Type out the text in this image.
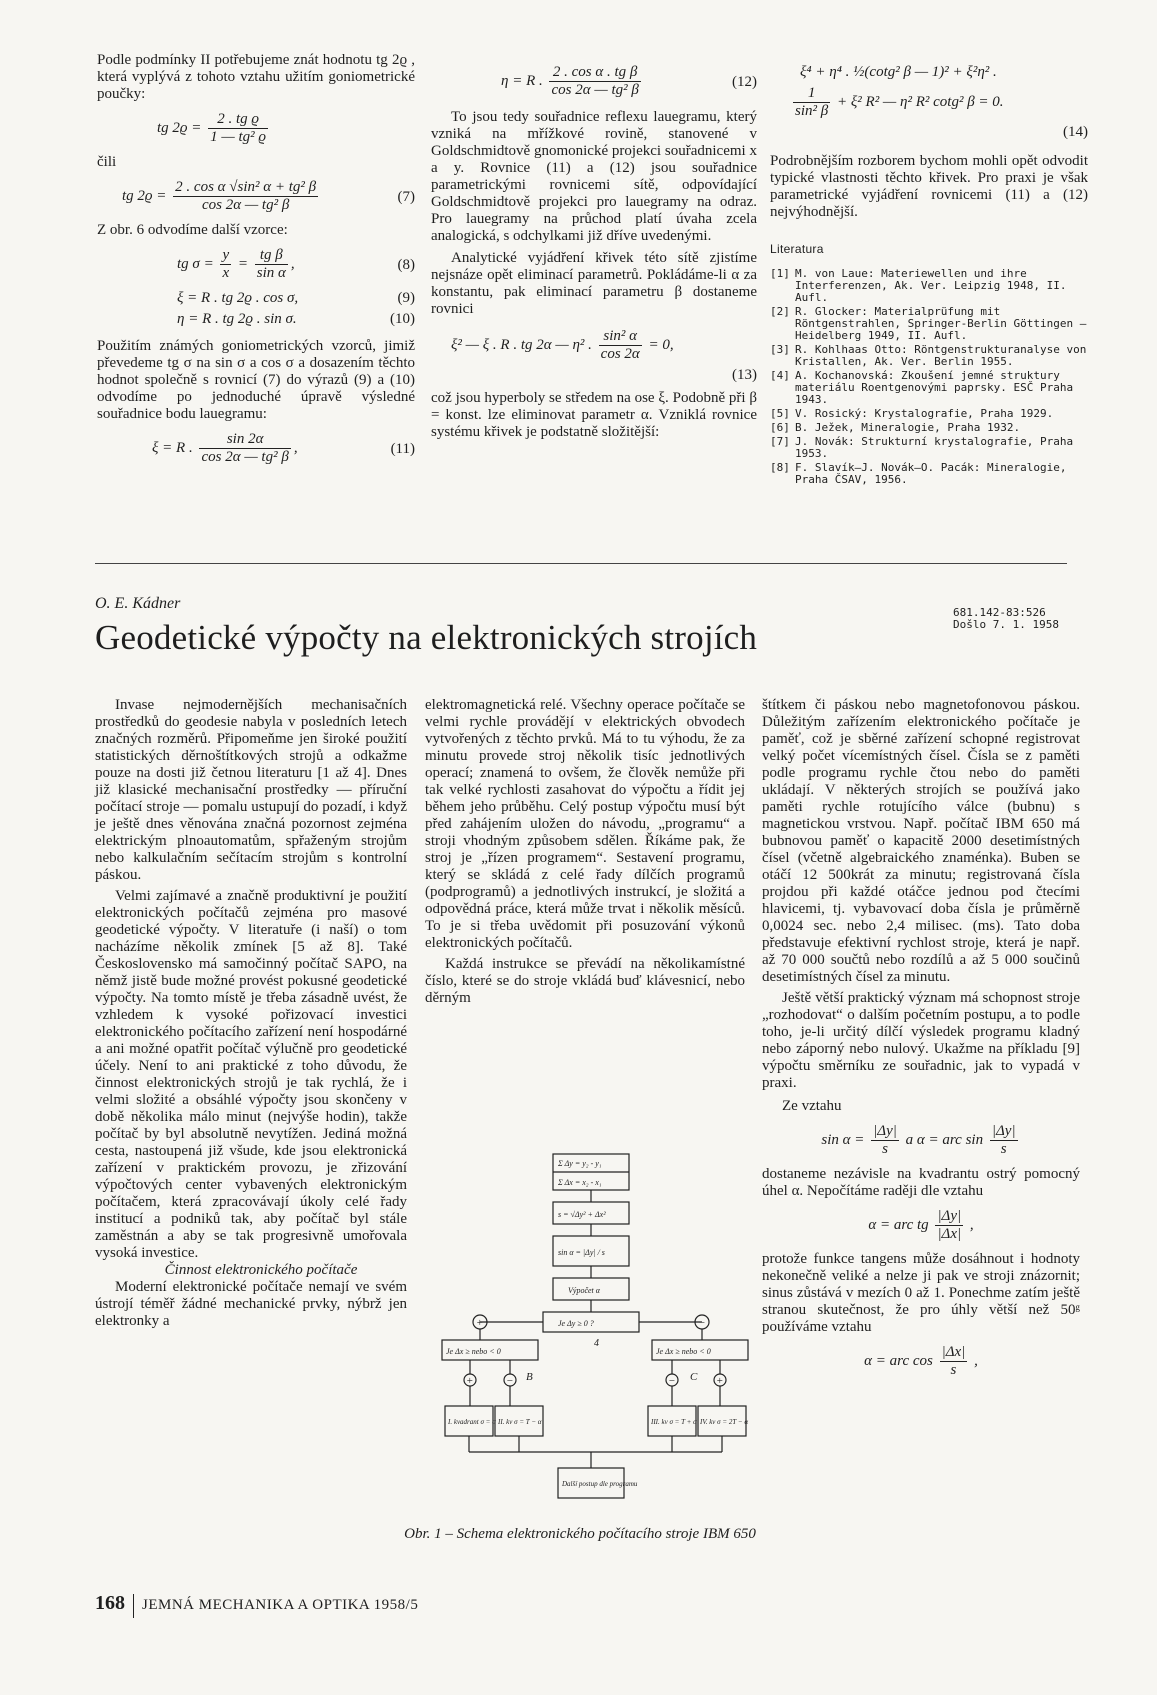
Podle podmínky II potřebujeme znát hodnotu tg 2ϱ , která vyplývá z tohoto vztahu užitím goniometrické poučky:

tg $2ϱ = \frac{\text{2 . tg ϱ}}{\text{1 — tg² ϱ}}$

čili

tg $2ϱ = \frac{\text{2 . cos α √sin² α + tg² β}}{\text{cos 2α — tg² β}}$	(7)

Z obr. 6 odvodíme další vzorce:

tg $\sigma = \frac{y}{x} = \frac{\text{tg β}}{\text{sin α}}$ ,	(8)
ξ = R . tg 2ϱ . cos σ,	(9)
η = R . tg 2ϱ . sin σ.	(10)

Použitím známých goniometrických vzorců, jimiž převedeme tg σ na sin σ a cos σ a dosazením těchto hodnot společně s rovnicí (7) do výrazů (9) a (10) odvodíme po jednoduché úpravě výsledné souřadnice bodu lauegramu:

ξ = R . $\frac{\sin 2\alpha}{\text{cos 2α — tg² β}}$ ,	(11)
η = R . $\frac{\text{2 . cos α . tg β}}{\text{cos 2α — tg² β}}$	(12)

To jsou tedy souřadnice reflexu lauegramu, který vzniká na mřížkové rovině, stanovené v Goldschmidtově gnomonické projekci souřadnicemi x a y. Rovnice (11) a (12) jsou souřadnice parametrickými rovnicemi sítě, odpovídající Goldschmidtově projekci pro lauegramy na odraz. Pro lauegramy na průchod platí úvaha zcela analogická, s odchylkami již dříve uvedenými.

Analytické vyjádření křivek této sítě zjistíme nejsnáze opět eliminací parametrů. Pokládáme-li α za konstantu, pak eliminací parametru β dostaneme rovnici

ξ² — ξ . R . tg 2α — η² . $\frac{\text{sin² α}}{\cos 2\alpha} = 0$,
(13)

což jsou hyperboly se středem na ose ξ. Podobně při β = konst. lze eliminovat parametr α. Vzniklá rovnice systému křivek je podstatně složitější:

ξ⁴ + η⁴ . ½(cotg² β — 1)² + ξ²η² .
$\frac{1}{\text{sin² β}} + \xi^2$ R² — η² R² cotg² β = 0.
(14)

Podrobnějším rozborem bychom mohli opět odvodit typické vlastnosti těchto křivek. Pro praxi je však parametrické vyjádření rovnicemi (11) a (12) nejvýhodnější.

Literatura
[1] M. von Laue: Materiewellen und ihre Interferenzen, Ak. Ver. Leipzig 1948, II. Aufl.
[2] R. Glocker: Materialprüfung mit Röntgenstrahlen, Springer-Berlin Göttingen —Heidelberg 1949, II. Aufl.
[3] R. Kohlhaas Otto: Röntgenstrukturanalyse von Kristallen, Ak. Ver. Berlin 1955.
[4] A. Kochanovská: Zkoušení jemné struktury materiálu Roentgenovými paprsky. ESČ Praha 1943.
[5] V. Rosický: Krystalografie, Praha 1929.
[6] B. Ježek, Mineralogie, Praha 1932.
[7] J. Novák: Strukturní krystalografie, Praha 1953.
[8] F. Slavík—J. Novák—O. Pacák: Mineralogie, Praha ČSAV, 1956.
O. E. Kádner
Geodetické výpočty na elektronických strojích
681.142-83:526
Došlo 7. 1. 1958

Invase nejmodernějších mechanisačních prostředků do geodesie nabyla v posledních letech značných rozměrů. Připomeňme jen široké použití statistických děrnoštítkových strojů a odkažme pouze na dosti již četnou literaturu [1 až 4]. Dnes již klasické mechanisační prostředky — příruční počítací stroje — pomalu ustupují do pozadí, i když je ještě dnes věnována značná pozornost zejména elektrickým plnoautomatům, spřaženým strojům nebo kalkulačním sečítacím strojům s kontrolní páskou.

Velmi zajímavé a značně produktivní je použití elektronických počítačů zejména pro masové geodetické výpočty. V literatuře (i naší) o tom nacházíme několik zmínek [5 až 8]. Také Československo má samočinný počítač SAPO, na němž jistě bude možné provést pokusné geodetické výpočty. Na tomto místě je třeba zásadně uvést, že vzhledem k vysoké pořizovací investici elektronického počítacího zařízení není hospodárné a ani možné opatřit počítač výlučně pro geodetické účely. Není to ani praktické z toho důvodu, že činnost elektronických strojů je tak rychlá, že i velmi složité a obsáhlé výpočty jsou skončeny v době několika málo minut (nejvýše hodin), takže počítač by byl absolutně nevytížen. Jediná možná cesta, nastoupená již všude, kde jsou elektronická zařízení v praktickém provozu, je zřizování výpočtových center vybavených elektronickým počítačem, která zpracovávají úkoly celé řady institucí a podniků tak, aby počítač byl stále zaměstnán a aby se tak progresivně umořovala vysoká investice.

Činnost elektronického počítače

Moderní elektronické počítače nemají ve svém ústrojí téměř žádné mechanické prvky, nýbrž jen elektronky a

elektromagnetická relé. Všechny operace počítače se velmi rychle provádějí v elektrických obvodech vytvořených z těchto prvků. Má to tu výhodu, že za minutu provede stroj několik tisíc jednotlivých operací; znamená to ovšem, že člověk nemůže při tak velké rychlosti zasahovat do výpočtu a řídit jej během jeho průběhu. Celý postup výpočtu musí být před zahájením uložen do návodu, „programu“ a stroji vhodným způsobem sdělen. Říkáme pak, že stroj je „řízen programem“. Sestavení programu, který se skládá z celé řady dílčích programů (podprogramů) a jednotlivých instrukcí, je složitá a odpovědná práce, která může trvat i několik měsíců. To je si třeba uvědomit při posuzování výkonů elektronických počítačů.

Každá instrukce se převádí na několikamístné číslo, které se do stroje vkládá buď klávesnicí, nebo děrným

Σ Δy = y₂ - y₁
Σ Δx = x₂ - x₁
s = √Δy² + Δx²
sin α = |Δy| / s
Výpočet α
Je Δy ≥ 0 ?
Je Δx ≥ nebo < 0	Je Δx ≥ nebo < 0
+	−
+	−	−	+
4
B	C
I. kvadrant σ = α II. kv σ = T − α	III. kv σ = T + α IV. kv σ = 2T − α
Další postup dle programu
Obr. 1 – Schema elektronického počítacího stroje IBM 650

štítkem či páskou nebo magnetofonovou páskou. Důležitým zařízením elektronického počítače je paměť, což je sběrné zařízení schopné registrovat velký počet vícemístných čísel. Čísla se z paměti podle programu rychle čtou nebo do paměti ukládají. V některých strojích se používá jako paměti rychle rotujícího válce (bubnu) s magnetickou vrstvou. Např. počítač IBM 650 má bubnovou paměť o kapacitě 2000 desetimístných čísel (včetně algebraického znaménka). Buben se otáčí 12 500krát za minutu; registrovaná čísla projdou při každé otáčce jednou pod čtecími hlavicemi, tj. vybavovací doba čísla je průměrně 0,0024 sec. nebo 2,4 milisec. (ms). Tato doba představuje efektivní rychlost stroje, která je např. až 70 000 součtů nebo rozdílů a až 5 000 součinů desetimístných čísel za minutu.

Ještě větší praktický význam má schopnost stroje „rozhodovat“ o dalším početním postupu, a to podle toho, je-li určitý dílčí výsledek programu kladný nebo záporný nebo nulový. Ukažme na příkladu [9] výpočtu směrníku ze souřadnic, jak to vypadá v praxi.

Ze vztahu

$\sin \alpha = \frac{|\Delta y|}{s}$ a α = arc $\sin \frac{|\Delta y|}{s}$

dostaneme nezávisle na kvadrantu ostrý pomocný úhel α. Nepočítáme raději dle vztahu

α = arc tg $\frac{|\Delta y|}{|\Delta x|}$ ,

protože funkce tangens může dosáhnout i hodnoty nekonečně veliké a nelze ji pak ve stroji znázornit; sinus zůstává v mezích 0 až 1. Ponechme zatím ještě stranou skutečnost, že pro úhly větší než 50ᵍ používáme vztahu

α = arc $\cos \frac{|\Delta x|}{s}$ ,
168 JEMNÁ MECHANIKA A OPTIKA 1958/5
